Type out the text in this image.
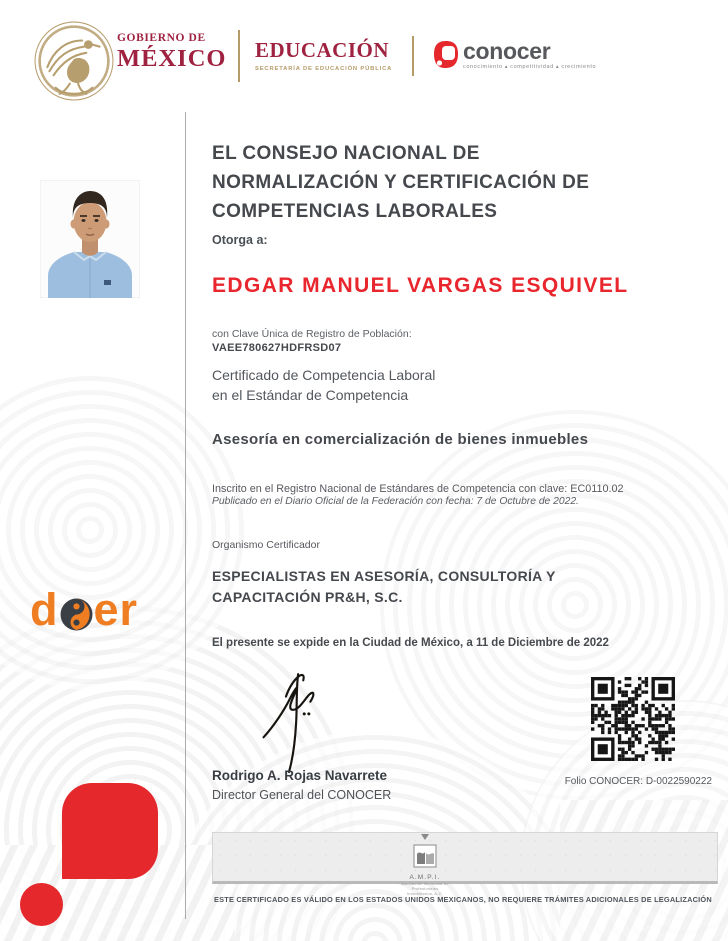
GOBIERNO DE
MÉXICO	EDUCACIÓN
SECRETARÍA DE EDUCACIÓN PÚBLICA
conocer
conocimiento ▴ competitividad ▴ crecimiento
d er
EL CONSEJO NACIONAL DE
NORMALIZACIÓN Y CERTIFICACIÓN DE
COMPETENCIAS LABORALES
Otorga a:
EDGAR MANUEL VARGAS ESQUIVEL
con Clave Única de Registro de Población:
VAEE780627HDFRSD07
Certificado de Competencia Laboral
en el Estándar de Competencia
Asesoría en comercialización de bienes inmuebles
Inscrito en el Registro Nacional de Estándares de Competencia con clave: EC0110.02
Publicado en el Diario Oficial de la Federación con fecha: 7 de Octubre de 2022.
Organismo Certificador
ESPECIALISTAS EN ASESORÍA, CONSULTORÍA Y
CAPACITACIÓN PR&H, S.C.
El presente se expide en la Ciudad de México, a 11 de Diciembre de 2022
Rodrigo A. Rojas Navarrete
Director General del CONOCER
Folio CONOCER: D-0022590222
A.M.P.I.
Asociación Mexicana de
Profesionales Inmobiliarios, A.C.
ESTE CERTIFICADO ES VÁLIDO EN LOS ESTADOS UNIDOS MEXICANOS, NO REQUIERE TRÁMITES ADICIONALES DE LEGALIZACIÓN
